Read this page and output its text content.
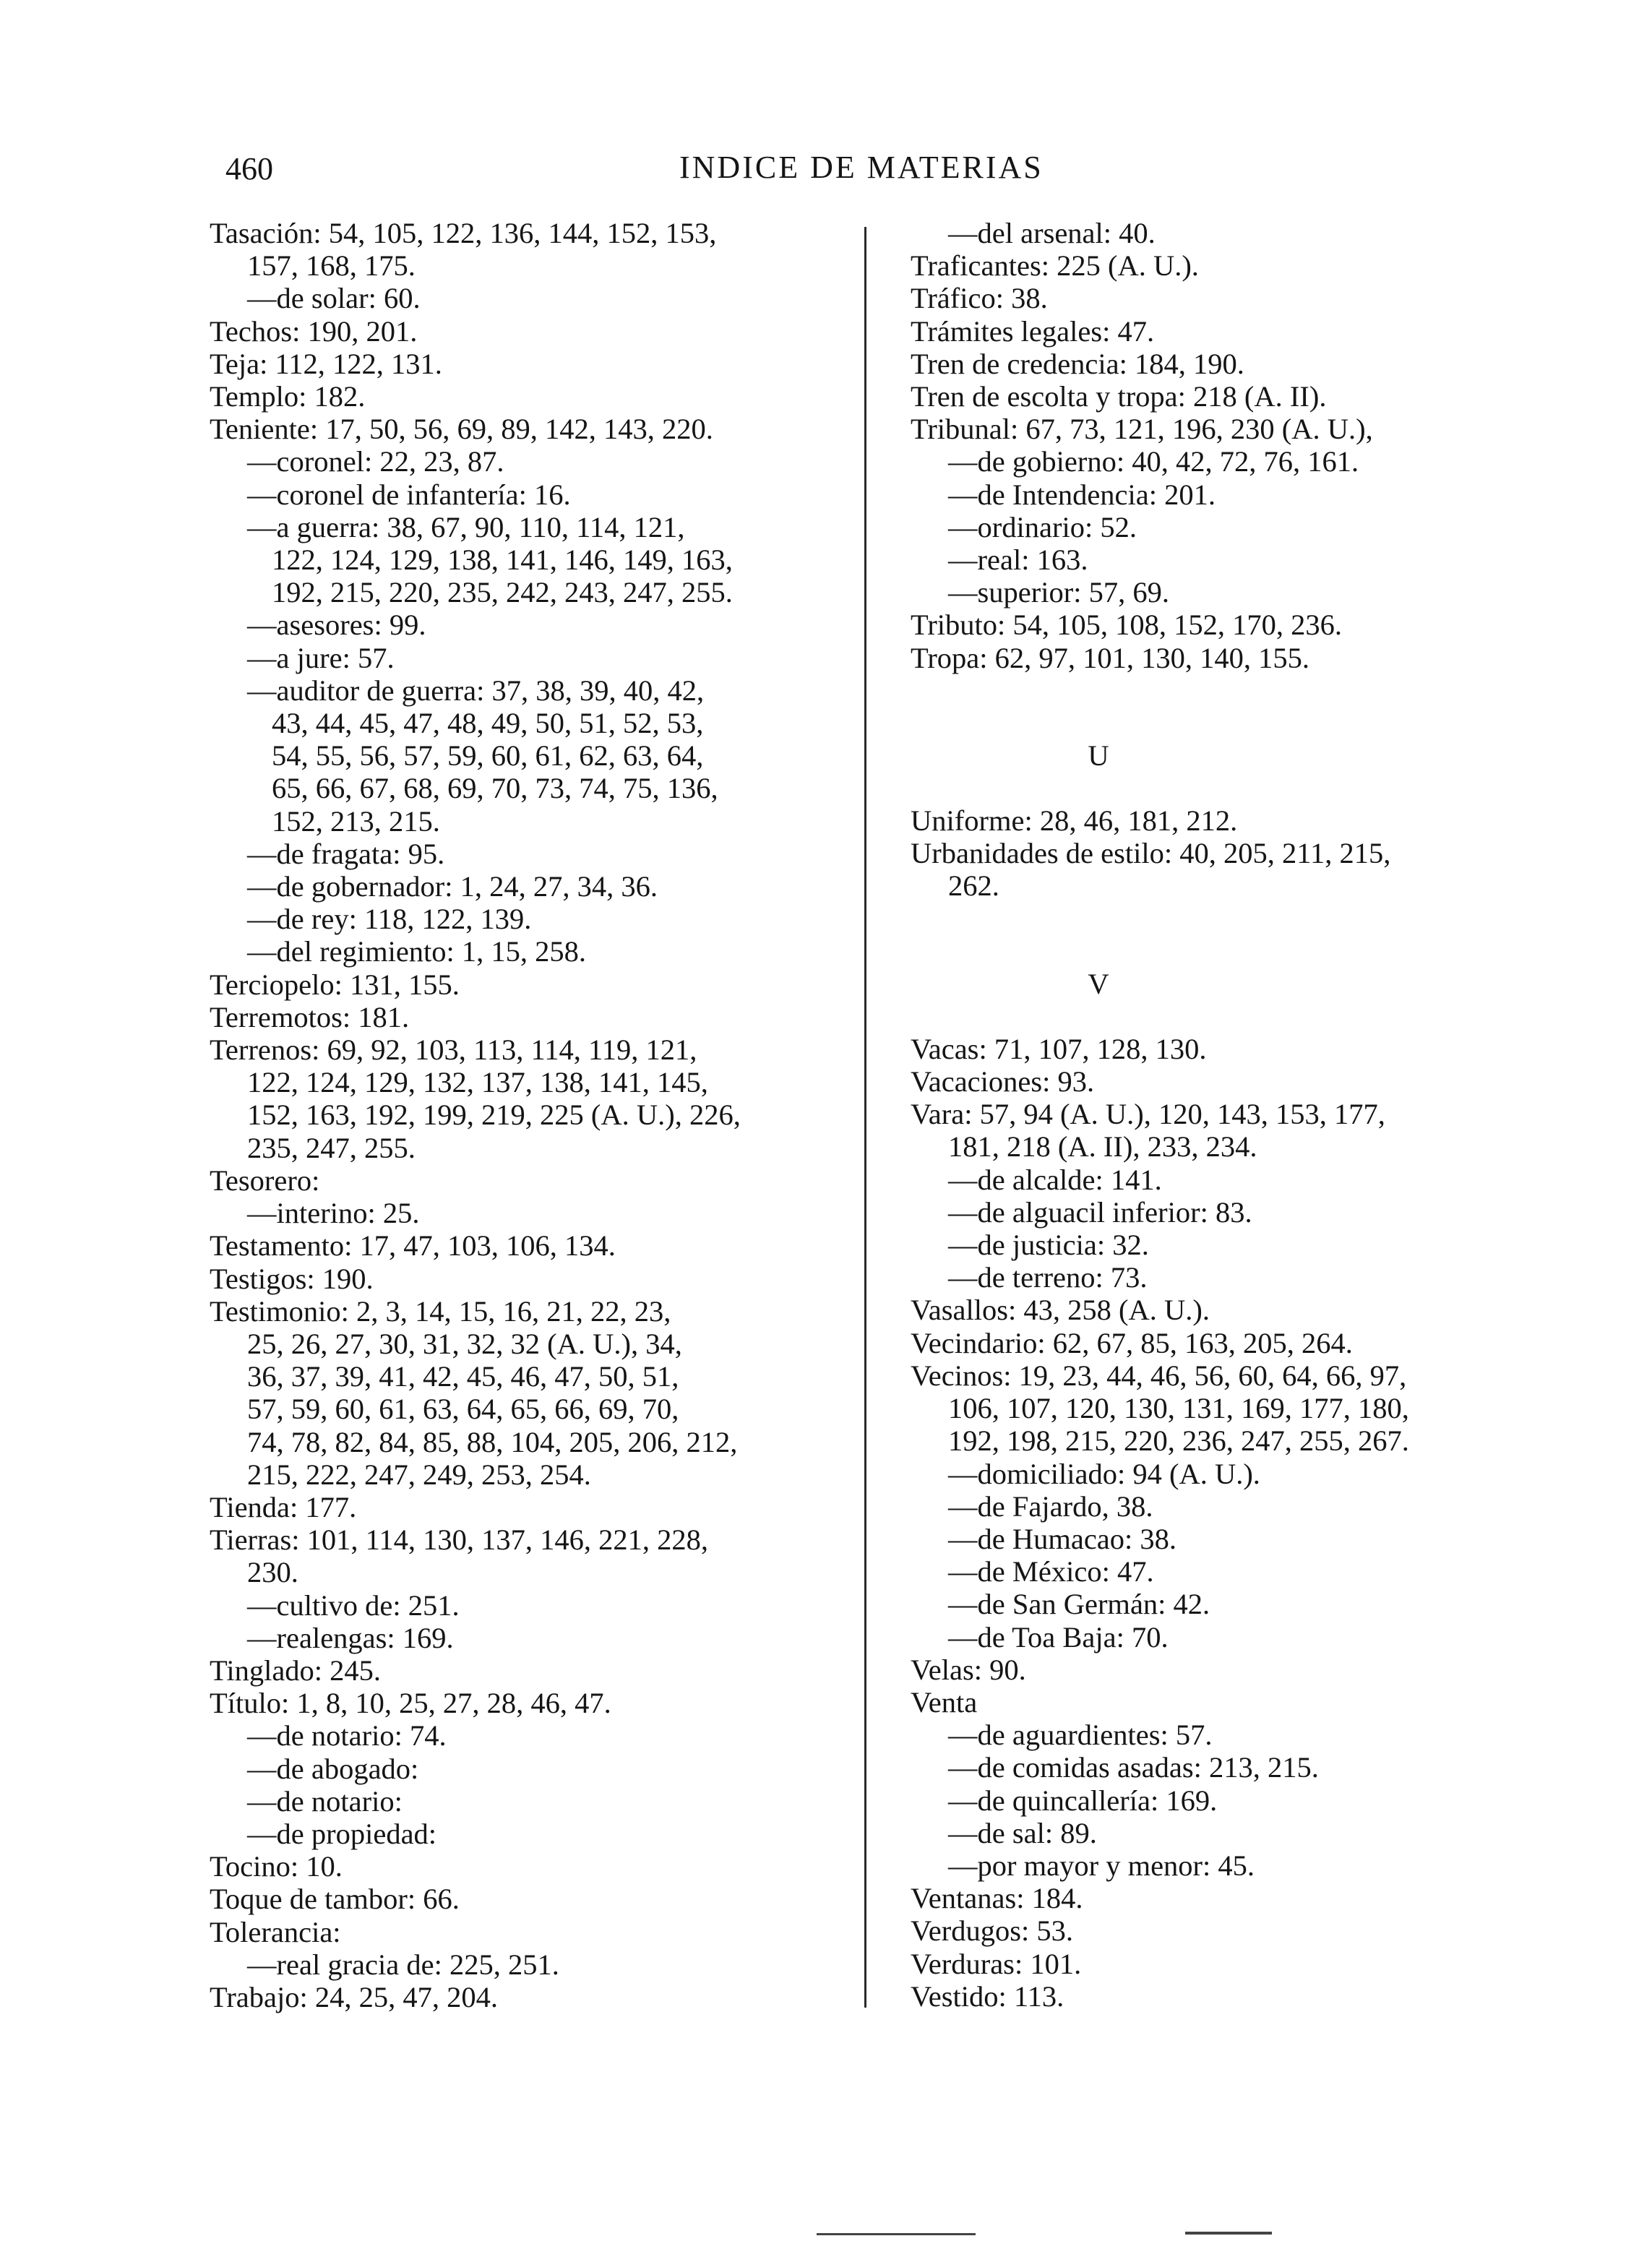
460	INDICE DE MATERIAS
Tasación: 54, 105, 122, 136, 144, 152, 153,
157, 168, 175.
—de solar: 60.
Techos: 190, 201.
Teja: 112, 122, 131.
Templo: 182.
Teniente: 17, 50, 56, 69, 89, 142, 143, 220.
—coronel: 22, 23, 87.
—coronel de infantería: 16.
—a guerra: 38, 67, 90, 110, 114, 121,
122, 124, 129, 138, 141, 146, 149, 163,
192, 215, 220, 235, 242, 243, 247, 255.
—asesores: 99.
—a jure: 57.
—auditor de guerra: 37, 38, 39, 40, 42,
43, 44, 45, 47, 48, 49, 50, 51, 52, 53,
54, 55, 56, 57, 59, 60, 61, 62, 63, 64,
65, 66, 67, 68, 69, 70, 73, 74, 75, 136,
152, 213, 215.
—de fragata: 95.
—de gobernador: 1, 24, 27, 34, 36.
—de rey: 118, 122, 139.
—del regimiento: 1, 15, 258.
Terciopelo: 131, 155.
Terremotos: 181.
Terrenos: 69, 92, 103, 113, 114, 119, 121,
122, 124, 129, 132, 137, 138, 141, 145,
152, 163, 192, 199, 219, 225 (A. U.), 226,
235, 247, 255.
Tesorero:
—interino: 25.
Testamento: 17, 47, 103, 106, 134.
Testigos: 190.
Testimonio: 2, 3, 14, 15, 16, 21, 22, 23,
25, 26, 27, 30, 31, 32, 32 (A. U.), 34,
36, 37, 39, 41, 42, 45, 46, 47, 50, 51,
57, 59, 60, 61, 63, 64, 65, 66, 69, 70,
74, 78, 82, 84, 85, 88, 104, 205, 206, 212,
215, 222, 247, 249, 253, 254.
Tienda: 177.
Tierras: 101, 114, 130, 137, 146, 221, 228,
230.
—cultivo de: 251.
—realengas: 169.
Tinglado: 245.
Título: 1, 8, 10, 25, 27, 28, 46, 47.
—de notario: 74.
—de abogado:
—de notario:
—de propiedad:
Tocino: 10.
Toque de tambor: 66.
Tolerancia:
—real gracia de: 225, 251.
Trabajo: 24, 25, 47, 204.
—del arsenal: 40.
Traficantes: 225 (A. U.).
Tráfico: 38.
Trámites legales: 47.
Tren de credencia: 184, 190.
Tren de escolta y tropa: 218 (A. II).
Tribunal: 67, 73, 121, 196, 230 (A. U.),
—de gobierno: 40, 42, 72, 76, 161.
—de Intendencia: 201.
—ordinario: 52.
—real: 163.
—superior: 57, 69.
Tributo: 54, 105, 108, 152, 170, 236.
Tropa: 62, 97, 101, 130, 140, 155.
U
Uniforme: 28, 46, 181, 212.
Urbanidades de estilo: 40, 205, 211, 215,
262.
V
Vacas: 71, 107, 128, 130.
Vacaciones: 93.
Vara: 57, 94 (A. U.), 120, 143, 153, 177,
181, 218 (A. II), 233, 234.
—de alcalde: 141.
—de alguacil inferior: 83.
—de justicia: 32.
—de terreno: 73.
Vasallos: 43, 258 (A. U.).
Vecindario: 62, 67, 85, 163, 205, 264.
Vecinos: 19, 23, 44, 46, 56, 60, 64, 66, 97,
106, 107, 120, 130, 131, 169, 177, 180,
192, 198, 215, 220, 236, 247, 255, 267.
—domiciliado: 94 (A. U.).
—de Fajardo, 38.
—de Humacao: 38.
—de México: 47.
—de San Germán: 42.
—de Toa Baja: 70.
Velas: 90.
Venta
—de aguardientes: 57.
—de comidas asadas: 213, 215.
—de quincallería: 169.
—de sal: 89.
—por mayor y menor: 45.
Ventanas: 184.
Verdugos: 53.
Verduras: 101.
Vestido: 113.
